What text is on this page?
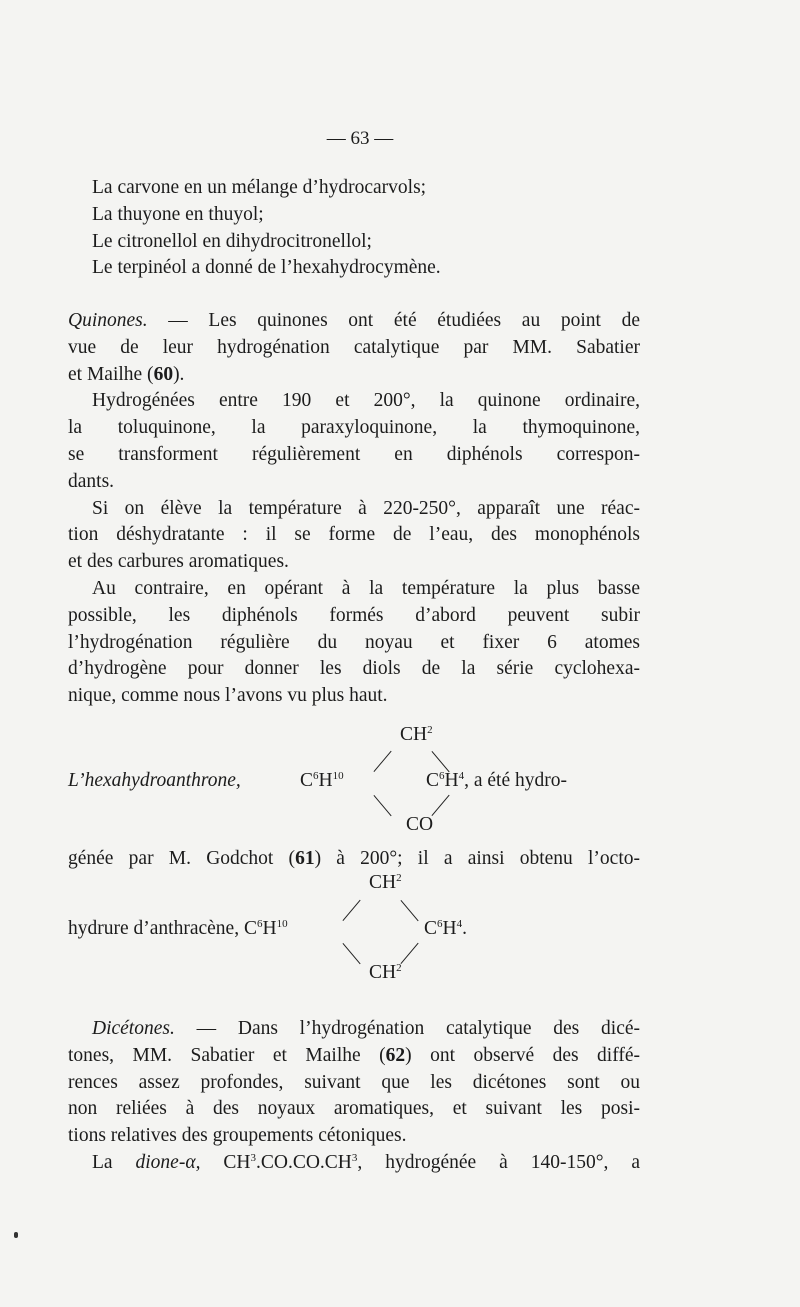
— 63 —
La carvone en un mélange d’hydrocarvols;
La thuyone en thuyol;
Le citronellol en dihydrocitronellol;
Le terpinéol a donné de l’hexahydrocymène.
Quinones. — Les quinones ont été étudiées au point de
vue de leur hydrogénation catalytique par MM. Sabatier
et Mailhe (60).
Hydrogénées entre 190 et 200°, la quinone ordinaire,
la toluquinone, la paraxyloquinone, la thymoquinone,
se transforment régulièrement en diphénols correspon-
dants.
Si on élève la température à 220-250°, apparaît une réac-
tion déshydratante : il se forme de l’eau, des monophénols
et des carbures aromatiques.
Au contraire, en opérant à la température la plus basse
possible, les diphénols formés d’abord peuvent subir
l’hydrogénation régulière du noyau et fixer 6 atomes
d’hydrogène pour donner les diols de la série cyclohexa-
nique, comme nous l’avons vu plus haut.
$CH^2$
L’hexahydroanthrone,	$C^6H^{10}$	$C^6H^4$, a été hydro-
CO
génée par M. Godchot (61) à 200°; il a ainsi obtenu l’octo-
$CH^2$
hydrure d’anthracène, $C^6H^{10}$	$C^6H^4$.
$CH^2$
Dicétones. — Dans l’hydrogénation catalytique des dicé-
tones, MM. Sabatier et Mailhe (62) ont observé des diffé-
rences assez profondes, suivant que les dicétones sont ou
non reliées à des noyaux aromatiques, et suivant les posi-
tions relatives des groupements cétoniques.
La dione-α, $CH^3.CO.CO.CH^3$, hydrogénée à 140-150°, a
